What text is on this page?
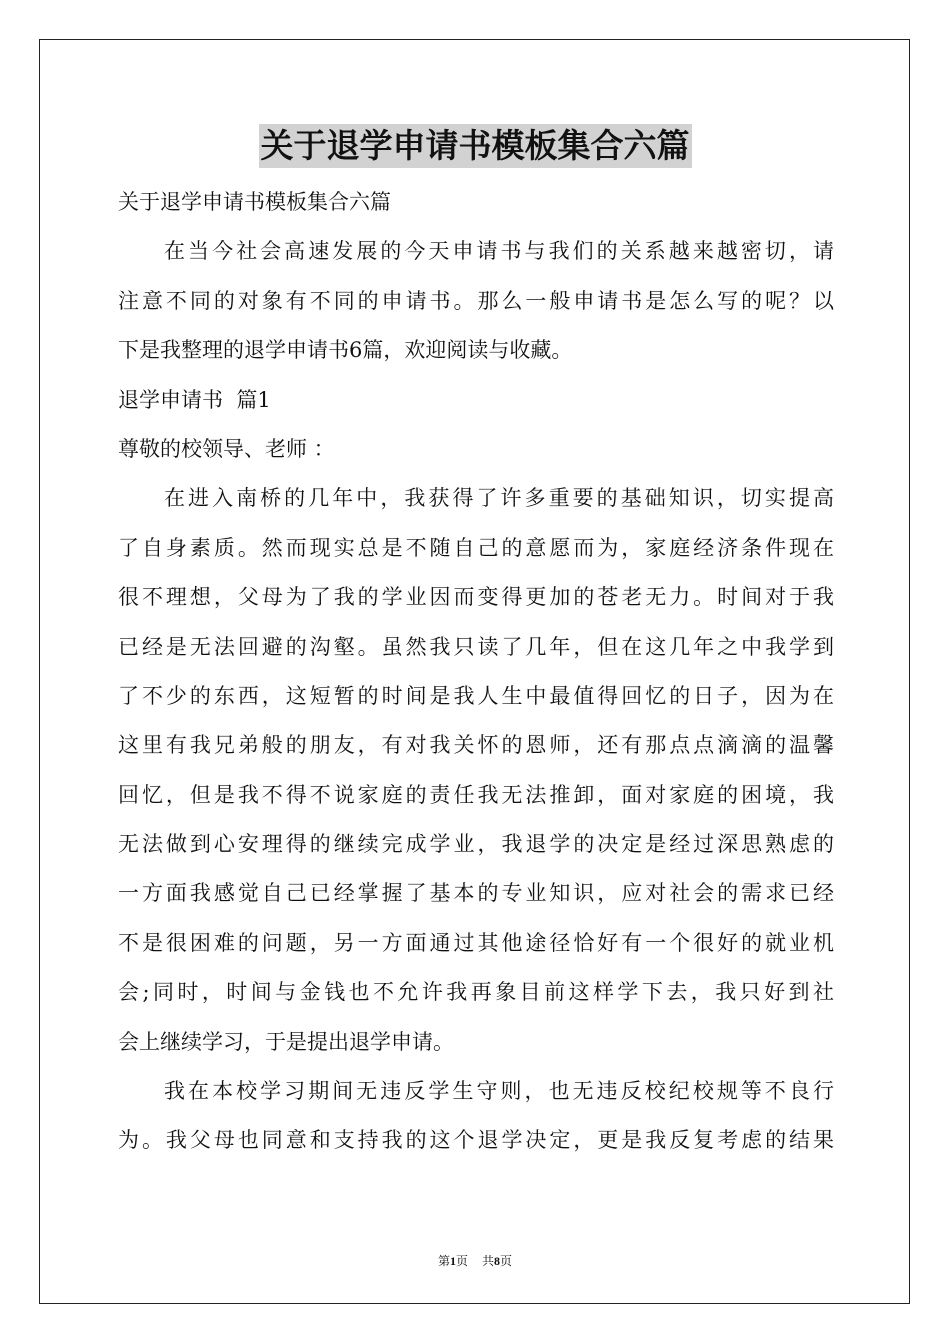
关于退学申请书模板集合六篇
关于退学申请书模板集合六篇
在当今社会高速发展的今天申请书与我们的关系越来越密切，请
注意不同的对象有不同的申请书。那么一般申请书是怎么写的呢？以
下是我整理的退学申请书6篇，欢迎阅读与收藏。
退学申请书  篇1
尊敬的校领导、老师 ：
在进入南桥的几年中，我获得了许多重要的基础知识，切实提高
了自身素质。然而现实总是不随自己的意愿而为，家庭经济条件现在
很不理想，父母为了我的学业因而变得更加的苍老无力。时间对于我
已经是无法回避的沟壑。虽然我只读了几年，但在这几年之中我学到
了不少的东西，这短暂的时间是我人生中最值得回忆的日子，因为在
这里有我兄弟般的朋友，有对我关怀的恩师，还有那点点滴滴的温馨
回忆，但是我不得不说家庭的责任我无法推卸，面对家庭的困境，我
无法做到心安理得的继续完成学业，我退学的决定是经过深思熟虑的
一方面我感觉自己已经掌握了基本的专业知识，应对社会的需求已经
不是很困难的问题，另一方面通过其他途径恰好有一个很好的就业机
会;同时，时间与金钱也不允许我再象目前这样学下去，我只好到社
会上继续学习，于是提出退学申请。
我在本校学习期间无违反学生守则，也无违反校纪校规等不良行
为。我父母也同意和支持我的这个退学决定，更是我反复考虑的结果
第1页 共8页
